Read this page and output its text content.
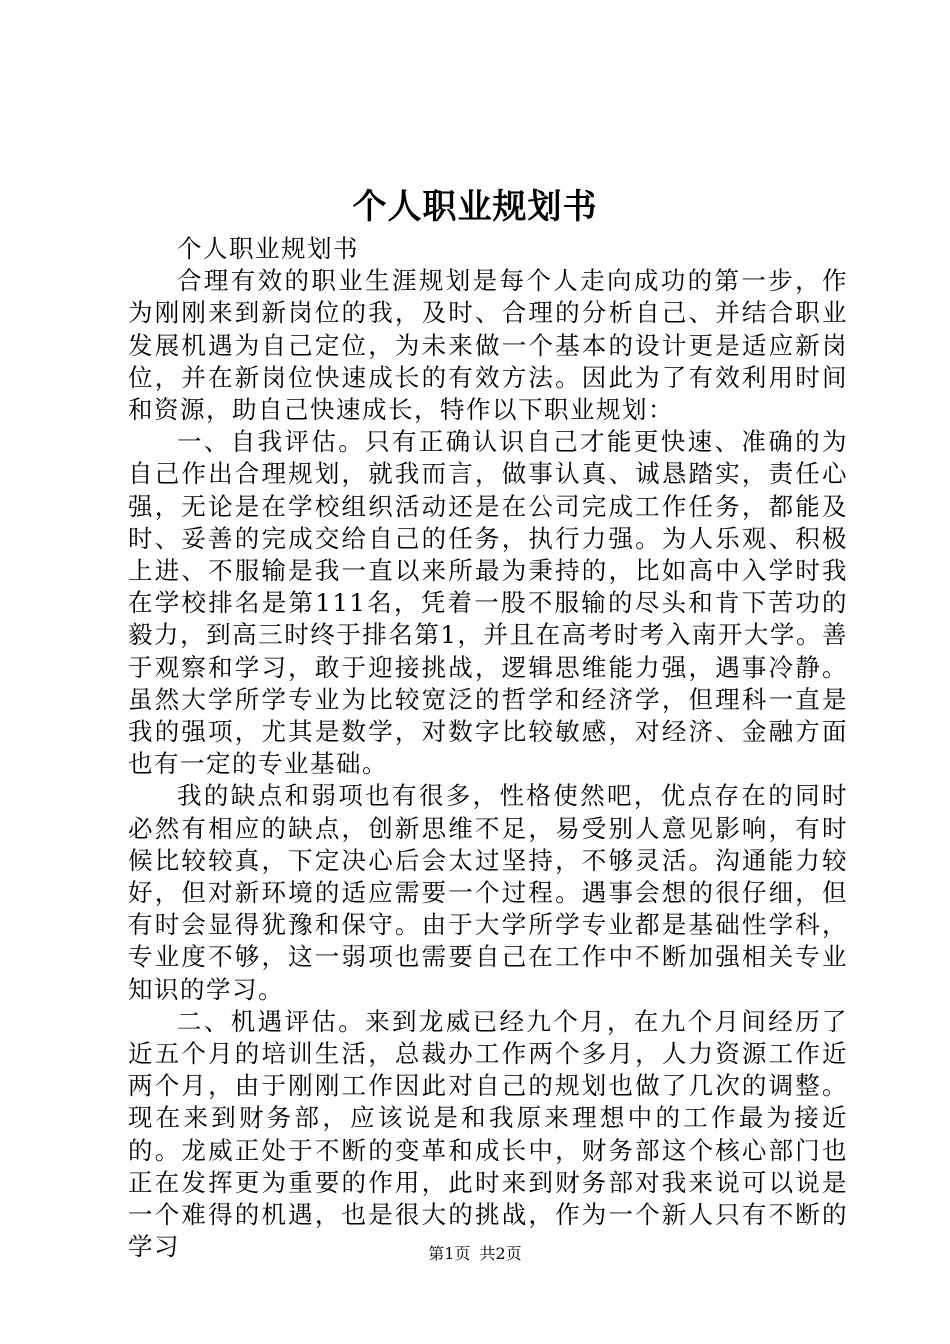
个人职业规划书

个人职业规划书

合理有效的职业生涯规划是每个人走向成功的第一步，作为刚刚来到新岗位的我，及时、合理的分析自己、并结合职业发展机遇为自己定位，为未来做一个基本的设计更是适应新岗位，并在新岗位快速成长的有效方法。因此为了有效利用时间和资源，助自己快速成长，特作以下职业规划：

一、自我评估。只有正确认识自己才能更快速、准确的为自己作出合理规划，就我而言，做事认真、诚恳踏实，责任心强，无论是在学校组织活动还是在公司完成工作任务，都能及时、妥善的完成交给自己的任务，执行力强。为人乐观、积极上进、不服输是我一直以来所最为秉持的，比如高中入学时我在学校排名是第111名，凭着一股不服输的尽头和肯下苦功的毅力，到高三时终于排名第1，并且在高考时考入南开大学。善于观察和学习，敢于迎接挑战，逻辑思维能力强，遇事冷静。虽然大学所学专业为比较宽泛的哲学和经济学，但理科一直是我的强项，尤其是数学，对数字比较敏感，对经济、金融方面也有一定的专业基础。

我的缺点和弱项也有很多，性格使然吧，优点存在的同时必然有相应的缺点，创新思维不足，易受别人意见影响，有时候比较较真，下定决心后会太过坚持，不够灵活。沟通能力较好，但对新环境的适应需要一个过程。遇事会想的很仔细，但有时会显得犹豫和保守。由于大学所学专业都是基础性学科，专业度不够，这一弱项也需要自己在工作中不断加强相关专业知识的学习。

二、机遇评估。来到龙威已经九个月，在九个月间经历了近五个月的培训生活，总裁办工作两个多月，人力资源工作近两个月，由于刚刚工作因此对自己的规划也做了几次的调整。现在来到财务部，应该说是和我原来理想中的工作最为接近的。龙威正处于不断的变革和成长中，财务部这个核心部门也正在发挥更为重要的作用，此时来到财务部对我来说可以说是一个难得的机遇，也是很大的挑战，作为一个新人只有不断的学习	第1页 共2页
